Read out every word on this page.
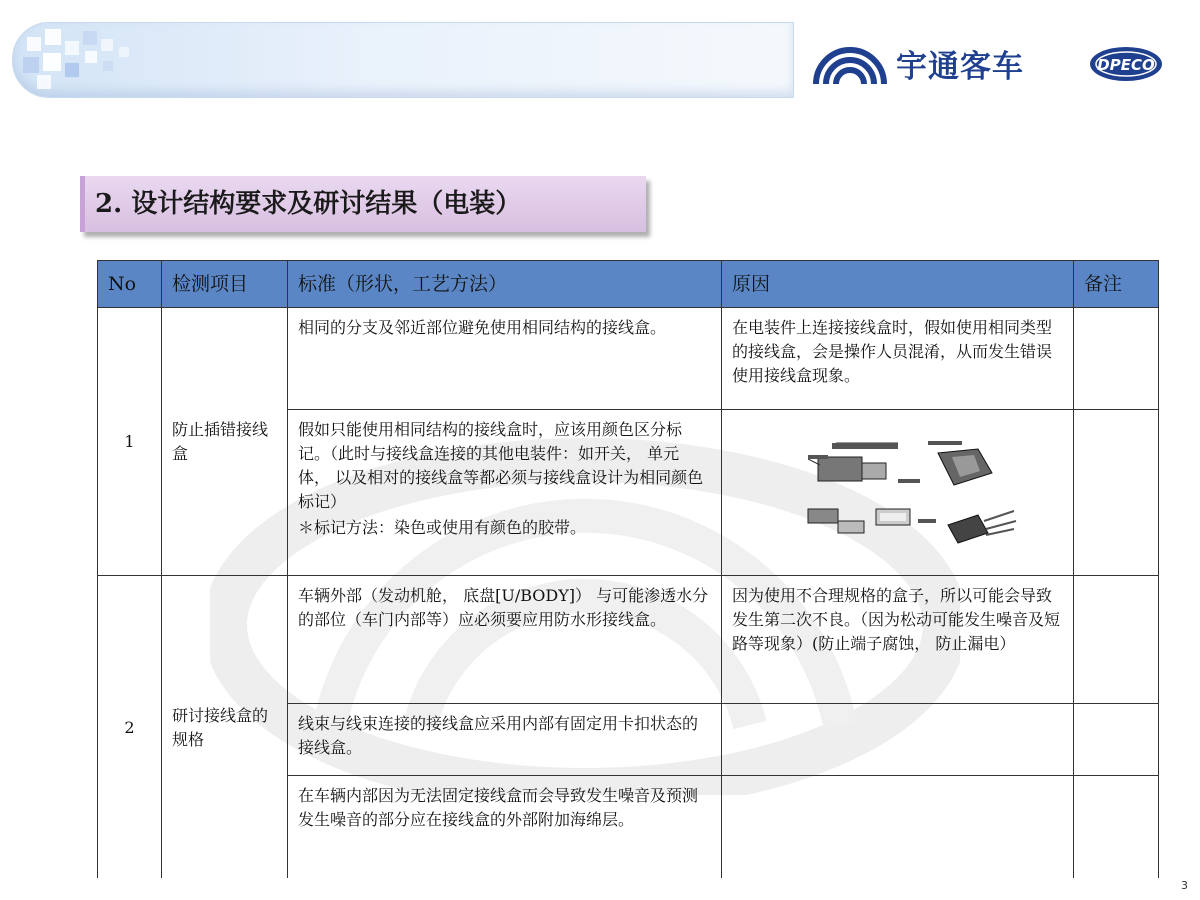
宇通客车	DPECO
2. 设计结构要求及研讨结果（电装）
No	检测项目	标准（形状，工艺方法）	原因	备注
1	防止插错接线盒	相同的分支及邻近部位避免使用相同结构的接线盒。	在电装件上连接接线盒时，假如使用相同类型的接线盒，会是操作人员混淆，从而发生错误使用接线盒现象。	

		假如只能使用相同结构的接线盒时，应该用颜色区分标记。（此时与接线盒连接的其他电装件：如开关， 单元体， 以及相对的接线盒等都必须与接线盒设计为相同颜色标记）
＊标记方法：染色或使用有颜色的胶带。

2	研讨接线盒的规格	车辆外部（发动机舱， 底盘[U/BODY]） 与可能渗透水分的部位（车门内部等）应必须要应用防水形接线盒。	因为使用不合理规格的盒子，所以可能会导致发生第二次不良。（因为松动可能发生噪音及短路等现象）(防止端子腐蚀， 防止漏电）	
		线束与线束连接的接线盒应采用内部有固定用卡扣状态的接线盒。		
		在车辆内部因为无法固定接线盒而会导致发生噪音及预测发生噪音的部分应在接线盒的外部附加海绵层。		
3
